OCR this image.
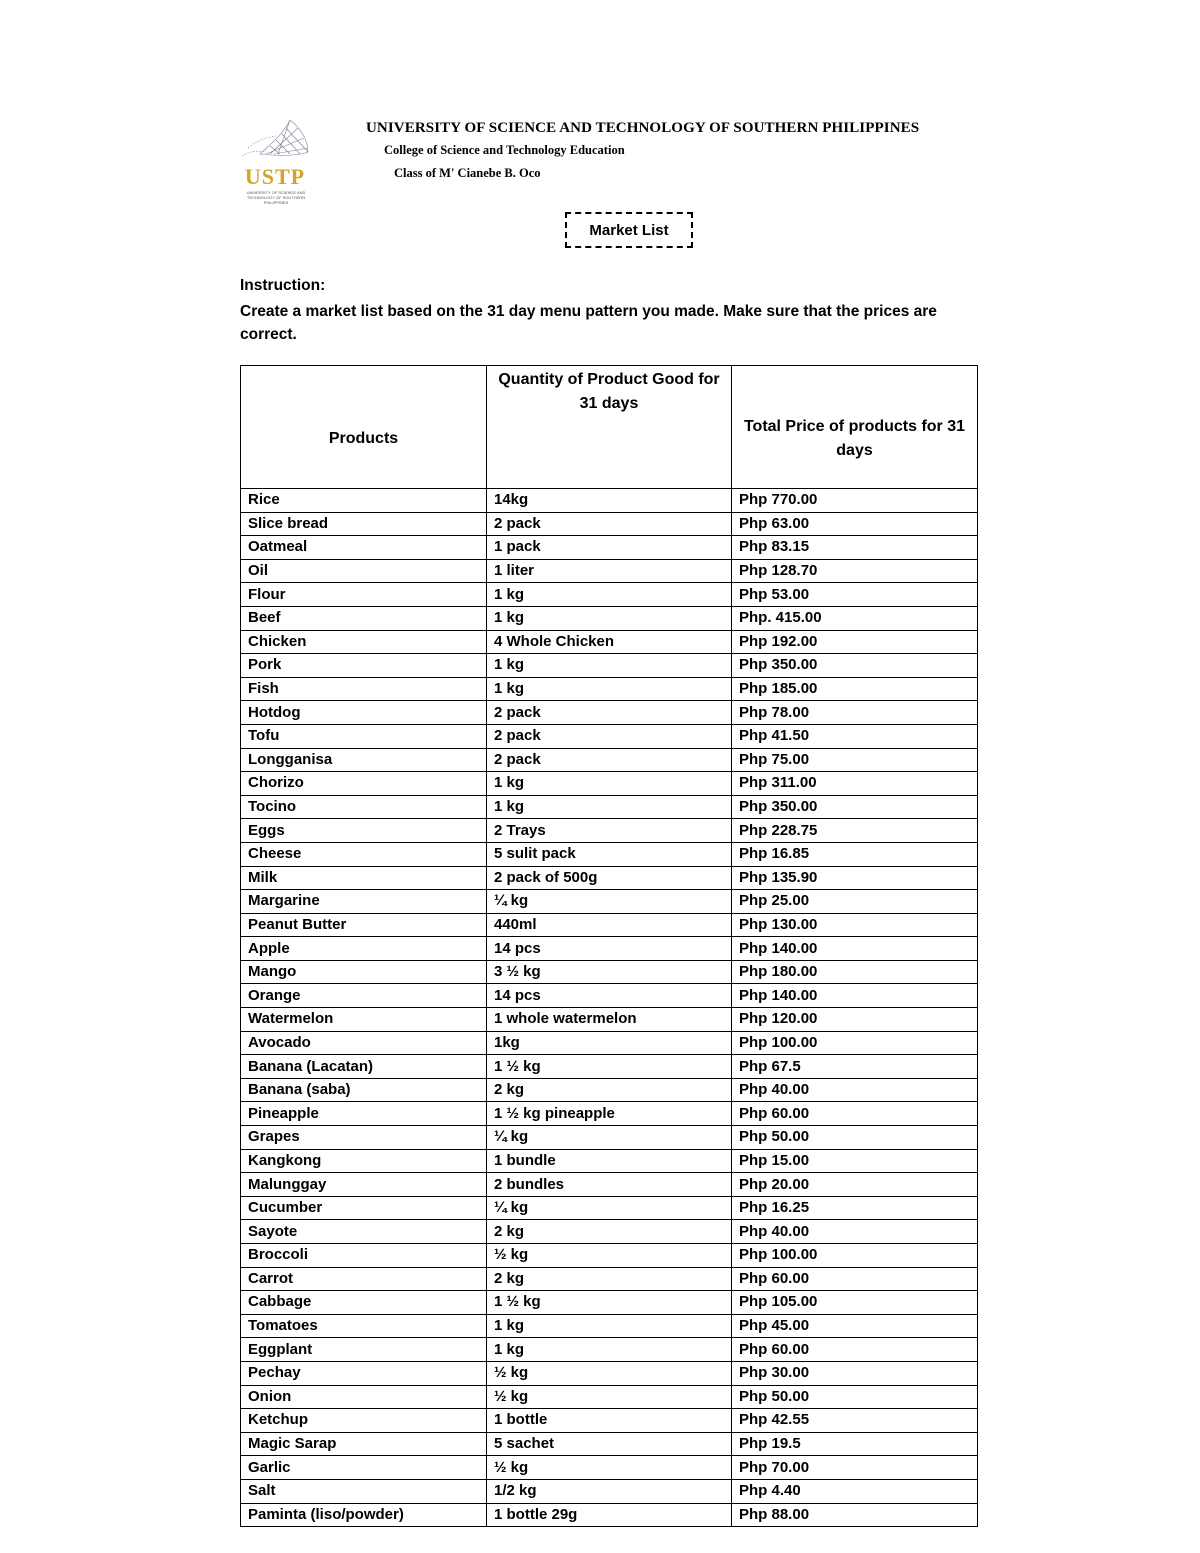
USTP
UNIVERSITY OF SCIENCE AND TECHNOLOGY OF SOUTHERN PHILIPPINES
UNIVERSITY OF SCIENCE AND TECHNOLOGY OF SOUTHERN PHILIPPINES
College of Science and Technology Education
Class of M' Cianebe B. Oco
Market List
Instruction:
Create a market list based on the 31 day menu pattern you made. Make sure that the prices are correct.
Products	Quantity of Product Good for 31 days	Total Price of products for 31 days
Rice	14kg	Php 770.00
Slice bread	2 pack	Php 63.00
Oatmeal	1 pack	Php 83.15
Oil	1 liter	Php 128.70
Flour	1 kg	Php 53.00
Beef	1 kg	Php. 415.00
Chicken	4 Whole Chicken	Php 192.00
Pork	1 kg	Php 350.00
Fish	1 kg	Php 185.00
Hotdog	2 pack	Php 78.00
Tofu	2 pack	Php 41.50
Longganisa	2 pack	Php 75.00
Chorizo	1 kg	Php 311.00
Tocino	1 kg	Php 350.00
Eggs	2 Trays	Php 228.75
Cheese	5 sulit pack	Php 16.85
Milk	2 pack of 500g	Php 135.90
Margarine	¼ kg	Php 25.00
Peanut Butter	440ml	Php 130.00
Apple	14 pcs	Php 140.00
Mango	3 ½ kg	Php 180.00
Orange	14 pcs	Php 140.00
Watermelon	1 whole watermelon	Php 120.00
Avocado	1kg	Php 100.00
Banana (Lacatan)	1 ½ kg	Php 67.5
Banana (saba)	2 kg	Php 40.00
Pineapple	1 ½ kg pineapple	Php 60.00
Grapes	¼ kg	Php 50.00
Kangkong	1 bundle	Php 15.00
Malunggay	2 bundles	Php 20.00
Cucumber	¼ kg	Php 16.25
Sayote	2 kg	Php 40.00
Broccoli	½ kg	Php 100.00
Carrot	2 kg	Php 60.00
Cabbage	1 ½ kg	Php 105.00
Tomatoes	1 kg	Php 45.00
Eggplant	1 kg	Php 60.00
Pechay	½ kg	Php 30.00
Onion	½ kg	Php 50.00
Ketchup	1 bottle	Php 42.55
Magic Sarap	5 sachet	Php 19.5
Garlic	½ kg	Php 70.00
Salt	1/2 kg	Php 4.40
Paminta (liso/powder)	1 bottle 29g	Php 88.00
